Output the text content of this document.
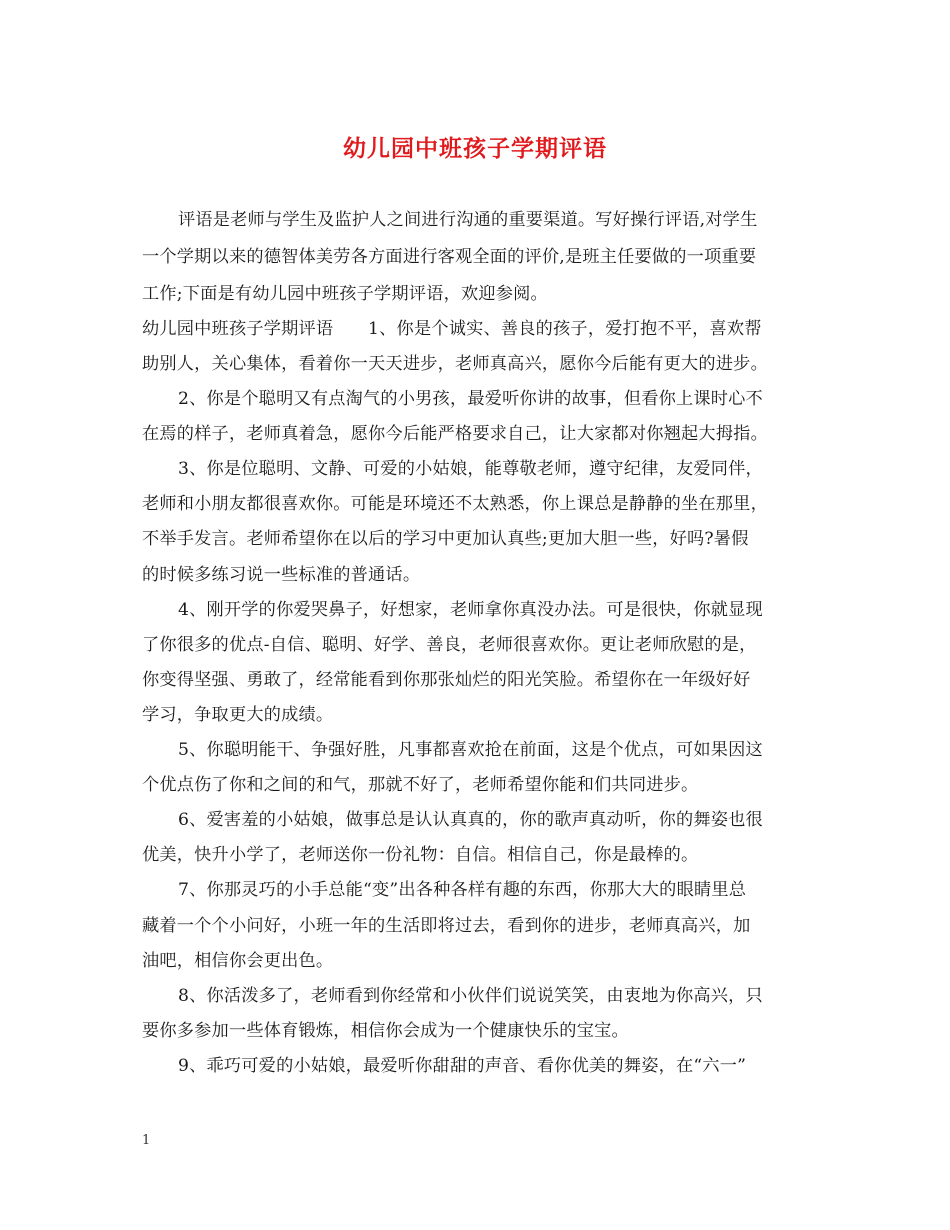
幼儿园中班孩子学期评语
评语是老师与学生及监护人之间进行沟通的重要渠道。写好操行评语,对学生
一个学期以来的德智体美劳各方面进行客观全面的评价,是班主任要做的一项重要
工作;下面是有幼儿园中班孩子学期评语，欢迎参阅。
幼儿园中班孩子学期评语　　1、你是个诚实、善良的孩子，爱打抱不平，喜欢帮
助别人，关心集体，看着你一天天进步，老师真高兴，愿你今后能有更大的进步。
2、你是个聪明又有点淘气的小男孩，最爱听你讲的故事，但看你上课时心不
在焉的样子，老师真着急，愿你今后能严格要求自己，让大家都对你翘起大拇指。
3、你是位聪明、文静、可爱的小姑娘，能尊敬老师，遵守纪律，友爱同伴，
老师和小朋友都很喜欢你。可能是环境还不太熟悉，你上课总是静静的坐在那里，
不举手发言。老师希望你在以后的学习中更加认真些;更加大胆一些，好吗?暑假
的时候多练习说一些标准的普通话。
4、刚开学的你爱哭鼻子，好想家，老师拿你真没办法。可是很快，你就显现
了你很多的优点-自信、聪明、好学、善良，老师很喜欢你。更让老师欣慰的是，
你变得坚强、勇敢了，经常能看到你那张灿烂的阳光笑脸。希望你在一年级好好
学习，争取更大的成绩。
5、你聪明能干、争强好胜，凡事都喜欢抢在前面，这是个优点，可如果因这
个优点伤了你和之间的和气，那就不好了，老师希望你能和们共同进步。
6、爱害羞的小姑娘，做事总是认认真真的，你的歌声真动听，你的舞姿也很
优美，快升小学了，老师送你一份礼物：自信。相信自己，你是最棒的。
7、你那灵巧的小手总能“变”出各种各样有趣的东西，你那大大的眼睛里总
藏着一个个小问好，小班一年的生活即将过去，看到你的进步，老师真高兴，加
油吧，相信你会更出色。
8、你活泼多了，老师看到你经常和小伙伴们说说笑笑，由衷地为你高兴，只
要你多参加一些体育锻炼，相信你会成为一个健康快乐的宝宝。
9、乖巧可爱的小姑娘，最爱听你甜甜的声音、看你优美的舞姿，在“六一”
1
